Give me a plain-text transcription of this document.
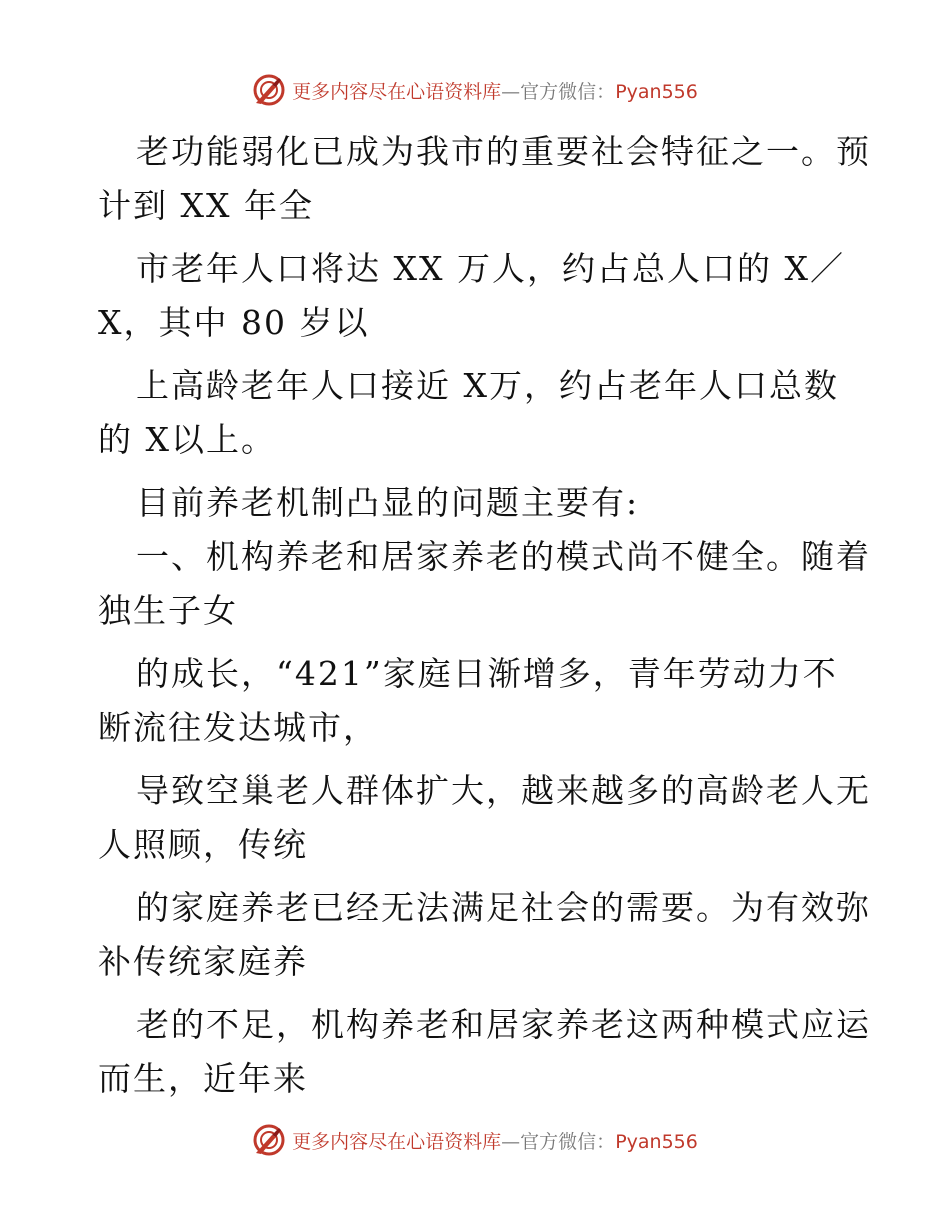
更多内容尽在心语资料库—官方微信：Pyan556
老功能弱化已成为我市的重要社会特征之一。预
计到 XX 年全
市老年人口将达 XX 万人，约占总人口的 X／
X，其中 80 岁以
上高龄老年人口接近 X万，约占老年人口总数
的 X以上。
目前养老机制凸显的问题主要有:
一、机构养老和居家养老的模式尚不健全。随着
独生子女
的成长，“421”家庭日渐增多，青年劳动力不
断流往发达城市，
导致空巢老人群体扩大，越来越多的高龄老人无
人照顾，传统
的家庭养老已经无法满足社会的需要。为有效弥
补传统家庭养
老的不足，机构养老和居家养老这两种模式应运
而生，近年来
更多内容尽在心语资料库—官方微信：Pyan556
